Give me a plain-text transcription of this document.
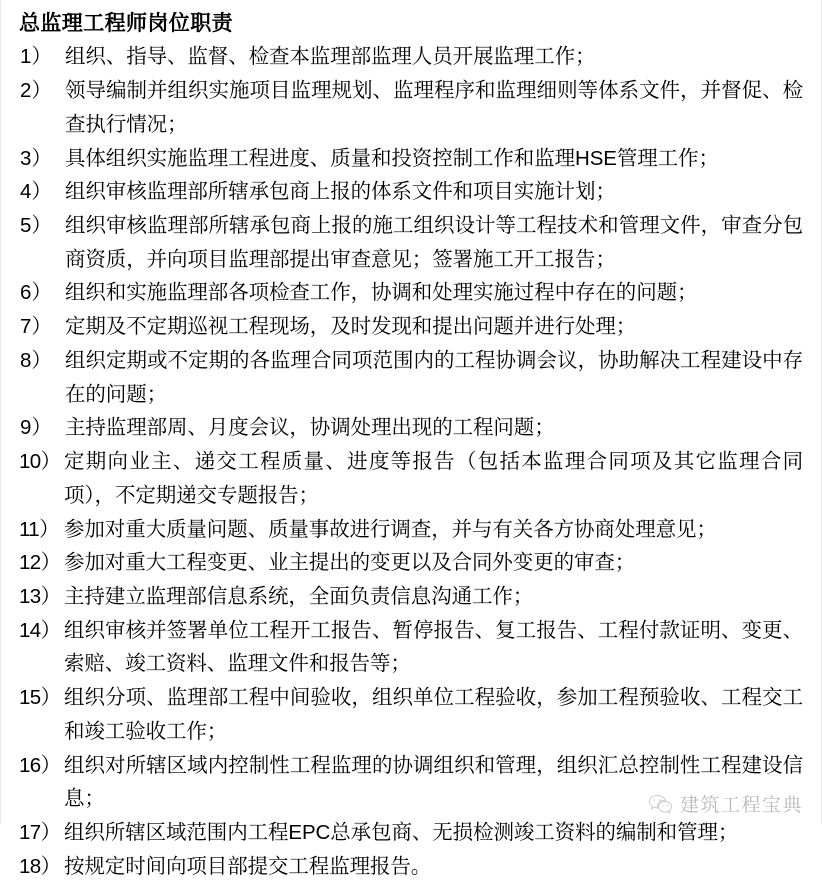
总监理工程师岗位职责
1） 组织、指导、监督、检查本监理部监理人员开展监理工作；
2） 领导编制并组织实施项目监理规划、监理程序和监理细则等体系文件，并督促、检查执行情况；
3） 具体组织实施监理工程进度、质量和投资控制工作和监理HSE管理工作；
4） 组织审核监理部所辖承包商上报的体系文件和项目实施计划；
5） 组织审核监理部所辖承包商上报的施工组织设计等工程技术和管理文件，审查分包商资质，并向项目监理部提出审查意见；签署施工开工报告；
6） 组织和实施监理部各项检查工作，协调和处理实施过程中存在的问题；
7） 定期及不定期巡视工程现场，及时发现和提出问题并进行处理；
8） 组织定期或不定期的各监理合同项范围内的工程协调会议，协助解决工程建设中存在的问题；
9） 主持监理部周、月度会议，协调处理出现的工程问题；
10） 定期向业主、递交工程质量、进度等报告（包括本监理合同项及其它监理合同项），不定期递交专题报告；
11） 参加对重大质量问题、质量事故进行调查，并与有关各方协商处理意见；
12） 参加对重大工程变更、业主提出的变更以及合同外变更的审查；
13） 主持建立监理部信息系统，全面负责信息沟通工作；
14） 组织审核并签署单位工程开工报告、暂停报告、复工报告、工程付款证明、变更、索赔、竣工资料、监理文件和报告等；
15） 组织分项、监理部工程中间验收，组织单位工程验收，参加工程预验收、工程交工和竣工验收工作；
16） 组织对所辖区域内控制性工程监理的协调组织和管理，组织汇总控制性工程建设信息；
17） 组织所辖区域范围内工程EPC总承包商、无损检测竣工资料的编制和管理；
18） 按规定时间向项目部提交工程监理报告。
建筑工程宝典
